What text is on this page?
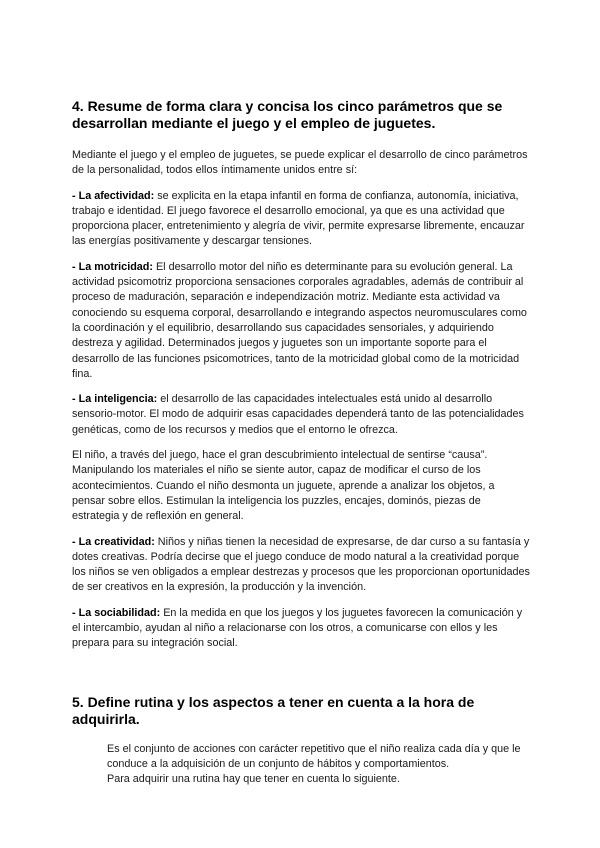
4. Resume de forma clara y concisa los cinco parámetros que se desarrollan mediante el juego y el empleo de juguetes.

Mediante el juego y el empleo de juguetes, se puede explicar el desarrollo de cinco parámetros de la personalidad, todos ellos íntimamente unidos entre sí:

- La afectividad: se explicita en la etapa infantil en forma de confianza, autonomía, iniciativa, trabajo e identidad. El juego favorece el desarrollo emocional, ya que es una actividad que proporciona placer, entretenimiento y alegría de vivir, permite expresarse libremente, encauzar las energías positivamente y descargar tensiones.

- La motricidad: El desarrollo motor del niño es determinante para su evolución general. La actividad psicomotriz proporciona sensaciones corporales agradables, además de contribuir al proceso de maduración, separación e independización motriz. Mediante esta actividad va conociendo su esquema corporal, desarrollando e integrando aspectos neuromusculares como la coordinación y el equilibrio, desarrollando sus capacidades sensoriales, y adquiriendo destreza y agilidad. Determinados juegos y juguetes son un importante soporte para el desarrollo de las funciones psicomotrices, tanto de la motricidad global como de la motricidad fina.

- La inteligencia: el desarrollo de las capacidades intelectuales está unido al desarrollo sensorio-motor. El modo de adquirir esas capacidades dependerá tanto de las potencialidades genéticas, como de los recursos y medios que el entorno le ofrezca.

El niño, a través del juego, hace el gran descubrimiento intelectual de sentirse “causa”. Manipulando los materiales el niño se siente autor, capaz de modificar el curso de los acontecimientos. Cuando el niño desmonta un juguete, aprende a analizar los objetos, a pensar sobre ellos. Estimulan la inteligencia los puzzles, encajes, dominós, piezas de estrategia y de reflexión en general.

- La creatividad: Niños y niñas tienen la necesidad de expresarse, de dar curso a su fantasía y dotes creativas. Podría decirse que el juego conduce de modo natural a la creatividad porque los niños se ven obligados a emplear destrezas y procesos que les proporcionan oportunidades de ser creativos en la expresión, la producción y la invención.

- La sociabilidad: En la medida en que los juegos y los juguetes favorecen la comunicación y el intercambio, ayudan al niño a relacionarse con los otros, a comunicarse con ellos y les prepara para su integración social.

5. Define rutina y los aspectos a tener en cuenta a la hora de adquirirla.

Es el conjunto de acciones con carácter repetitivo que el niño realiza cada día y que le conduce a la adquisición de un conjunto de hábitos y comportamientos.

Para adquirir una rutina hay que tener en cuenta lo siguiente.
